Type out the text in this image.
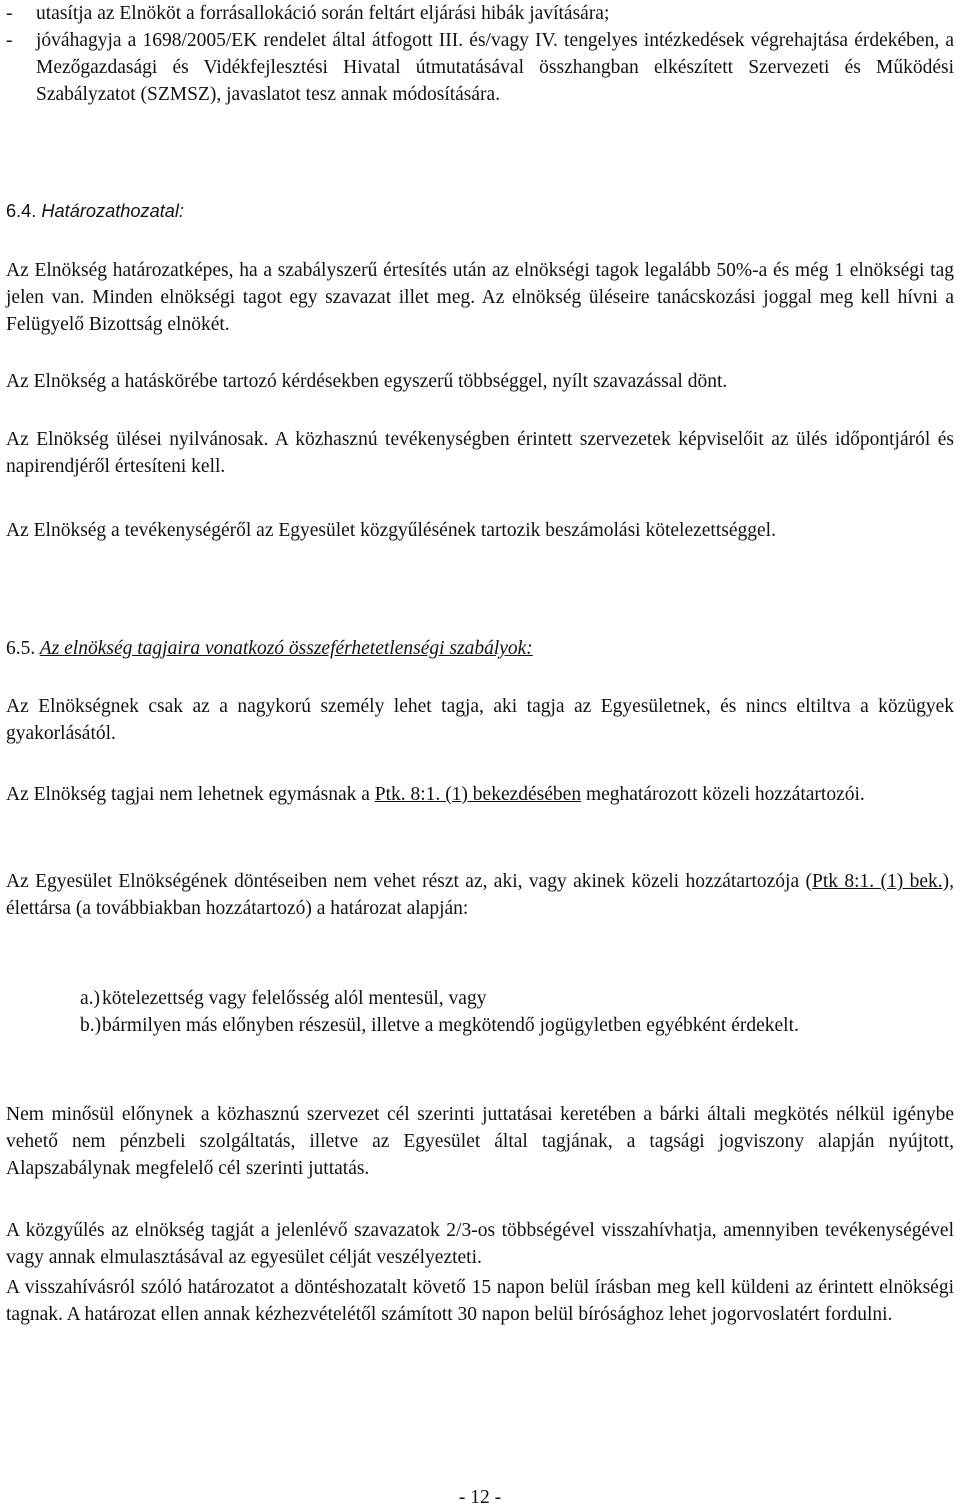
- utasítja az Elnököt a forrásallokáció során feltárt eljárási hibák javítására;
- jóváhagyja a 1698/2005/EK rendelet által átfogott III. és/vagy IV. tengelyes intézkedések végrehajtása érdekében, a Mezőgazdasági és Vidékfejlesztési Hivatal útmutatásával összhangban elkészített Szervezeti és Működési Szabályzatot (SZMSZ), javaslatot tesz annak módosítására.
6.4. Határozathozatal:

Az Elnökség határozatképes, ha a szabályszerű értesítés után az elnökségi tagok legalább 50%-a és még 1 elnökségi tag jelen van. Minden elnökségi tagot egy szavazat illet meg. Az elnökség üléseire tanácskozási joggal meg kell hívni a Felügyelő Bizottság elnökét.

Az Elnökség a hatáskörébe tartozó kérdésekben egyszerű többséggel, nyílt szavazással dönt.

Az Elnökség ülései nyilvánosak. A közhasznú tevékenységben érintett szervezetek képviselőit az ülés időpontjáról és napirendjéről értesíteni kell.

Az Elnökség a tevékenységéről az Egyesület közgyűlésének tartozik beszámolási kötelezettséggel.

6.5. Az elnökség tagjaira vonatkozó összeférhetetlenségi szabályok:

Az Elnökségnek csak az a nagykorú személy lehet tagja, aki tagja az Egyesületnek, és nincs eltiltva a közügyek gyakorlásától.

Az Elnökség tagjai nem lehetnek egymásnak a Ptk. 8:1. (1) bekezdésében meghatározott közeli hozzátartozói.

Az Egyesület Elnökségének döntéseiben nem vehet részt az, aki, vagy akinek közeli hozzátartozója (Ptk 8:1. (1) bek.), élettársa (a továbbiakban hozzátartozó) a határozat alapján:

a.) kötelezettség vagy felelősség alól mentesül, vagy
b.) bármilyen más előnyben részesül, illetve a megkötendő jogügyletben egyébként érdekelt.

Nem minősül előnynek a közhasznú szervezet cél szerinti juttatásai keretében a bárki általi megkötés nélkül igénybe vehető nem pénzbeli szolgáltatás, illetve az Egyesület által tagjának, a tagsági jogviszony alapján nyújtott, Alapszabálynak megfelelő cél szerinti juttatás.

A közgyűlés az elnökség tagját a jelenlévő szavazatok 2/3-os többségével visszahívhatja, amennyiben tevékenységével vagy annak elmulasztásával az egyesület célját veszélyezteti.

A visszahívásról szóló határozatot a döntéshozatalt követő 15 napon belül írásban meg kell küldeni az érintett elnökségi tagnak. A határozat ellen annak kézhezvételétől számított 30 napon belül bírósághoz lehet jogorvoslatért fordulni.

- 12 -
